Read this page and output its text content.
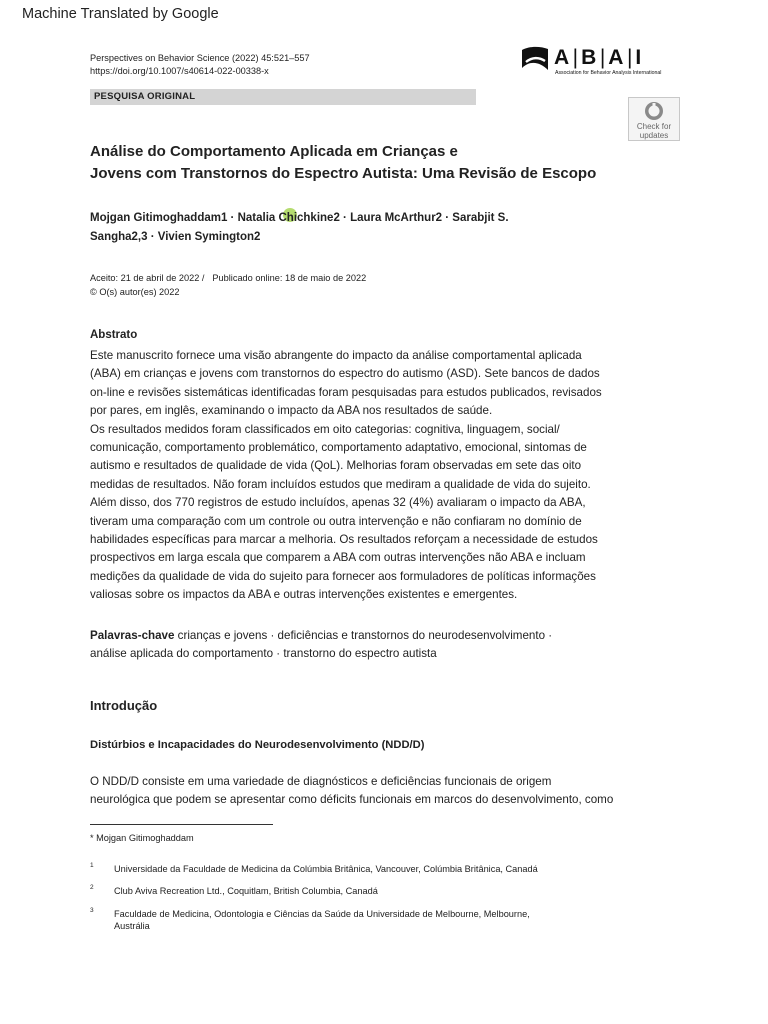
Machine Translated by Google
Perspectives on Behavior Science (2022) 45:521–557
https://doi.org/10.1007/s40614-022-00338-x
A|B|A|I
Association for Behavior Analysis International
PESQUISA ORIGINAL
Check for
updates
Análise do Comportamento Aplicada em Crianças e
Jovens com Transtornos do Espectro Autista: Uma Revisão de Escopo
Mojgan Gitimoghaddam1 · Natalia Chichkine2 · Laura McArthur2 · Sarabjit S.
Sangha2,3 · Vivien Symington2
Aceito: 21 de abril de 2022 / Publicado online: 18 de maio de 2022
© O(s) autor(es) 2022
Abstrato
Este manuscrito fornece uma visão abrangente do impacto da análise comportamental aplicada
(ABA) em crianças e jovens com transtornos do espectro do autismo (ASD). Sete bancos de dados
on-line e revisões sistemáticas identificadas foram pesquisadas para estudos publicados, revisados
por pares, em inglês, examinando o impacto da ABA nos resultados de saúde.
Os resultados medidos foram classificados em oito categorias: cognitiva, linguagem, social/
comunicação, comportamento problemático, comportamento adaptativo, emocional, sintomas de
autismo e resultados de qualidade de vida (QoL). Melhorias foram observadas em sete das oito
medidas de resultados. Não foram incluídos estudos que mediram a qualidade de vida do sujeito.
Além disso, dos 770 registros de estudo incluídos, apenas 32 (4%) avaliaram o impacto da ABA,
tiveram uma comparação com um controle ou outra intervenção e não confiaram no domínio de
habilidades específicas para marcar a melhoria. Os resultados reforçam a necessidade de estudos
prospectivos em larga escala que comparem a ABA com outras intervenções não ABA e incluam
medições da qualidade de vida do sujeito para fornecer aos formuladores de políticas informações
valiosas sobre os impactos da ABA e outras intervenções existentes e emergentes.
Palavras-chave crianças e jovens · deficiências e transtornos do neurodesenvolvimento ·
análise aplicada do comportamento · transtorno do espectro autista
Introdução
Distúrbios e Incapacidades do Neurodesenvolvimento (NDD/D)
O NDD/D consiste em uma variedade de diagnósticos e deficiências funcionais de origem
neurológica que podem se apresentar como déficits funcionais em marcos do desenvolvimento, como
* Mojgan Gitimoghaddam
1 Universidade da Faculdade de Medicina da Colúmbia Britânica, Vancouver, Colúmbia Britânica, Canadá
2 Club Aviva Recreation Ltd., Coquitlam, British Columbia, Canadá
3 Faculdade de Medicina, Odontologia e Ciências da Saúde da Universidade de Melbourne, Melbourne,
Austrália
